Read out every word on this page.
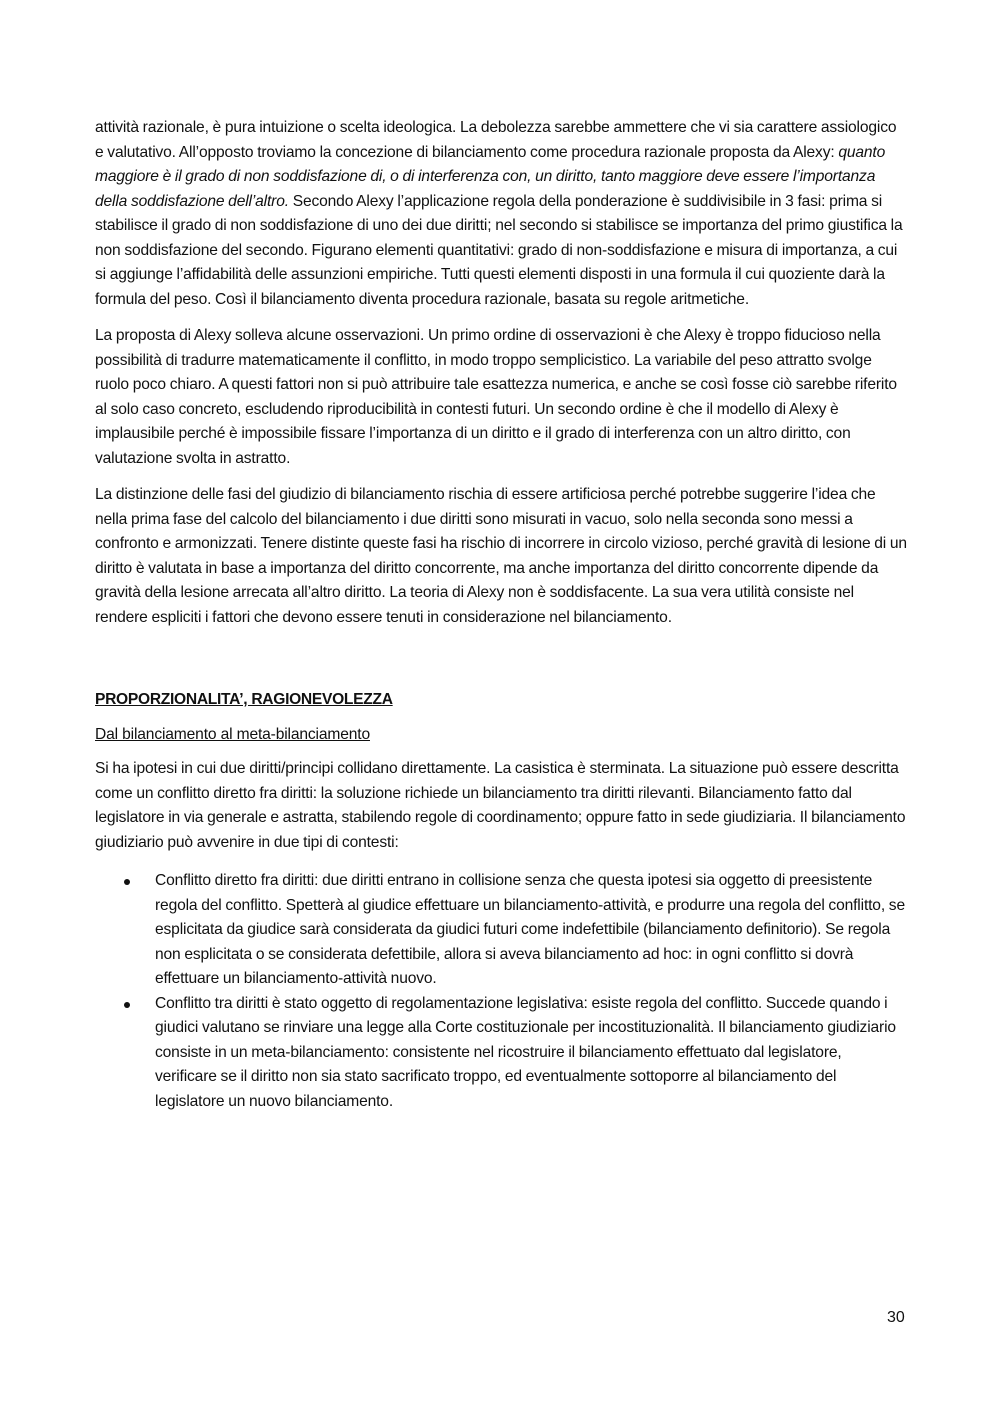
attività razionale, è pura intuizione o scelta ideologica. La debolezza sarebbe ammettere che vi sia carattere assiologico e valutativo. All’opposto troviamo la concezione di bilanciamento come procedura razionale proposta da Alexy: quanto maggiore è il grado di non soddisfazione di, o di interferenza con, un diritto, tanto maggiore deve essere l’importanza della soddisfazione dell’altro. Secondo Alexy l’applicazione regola della ponderazione è suddivisibile in 3 fasi: prima si stabilisce il grado di non soddisfazione di uno dei due diritti; nel secondo si stabilisce se importanza del primo giustifica la non soddisfazione del secondo. Figurano elementi quantitativi: grado di non-soddisfazione e misura di importanza, a cui si aggiunge l’affidabilità delle assunzioni empiriche. Tutti questi elementi disposti in una formula il cui quoziente darà la formula del peso. Così il bilanciamento diventa procedura razionale, basata su regole aritmetiche.

La proposta di Alexy solleva alcune osservazioni. Un primo ordine di osservazioni è che Alexy è troppo fiducioso nella possibilità di tradurre matematicamente il conflitto, in modo troppo semplicistico. La variabile del peso attratto svolge ruolo poco chiaro. A questi fattori non si può attribuire tale esattezza numerica, e anche se così fosse ciò sarebbe riferito al solo caso concreto, escludendo riproducibilità in contesti futuri. Un secondo ordine è che il modello di Alexy è implausibile perché è impossibile fissare l’importanza di un diritto e il grado di interferenza con un altro diritto, con valutazione svolta in astratto.

La distinzione delle fasi del giudizio di bilanciamento rischia di essere artificiosa perché potrebbe suggerire l’idea che nella prima fase del calcolo del bilanciamento i due diritti sono misurati in vacuo, solo nella seconda sono messi a confronto e armonizzati. Tenere distinte queste fasi ha rischio di incorrere in circolo vizioso, perché gravità di lesione di un diritto è valutata in base a importanza del diritto concorrente, ma anche importanza del diritto concorrente dipende da gravità della lesione arrecata all’altro diritto. La teoria di Alexy non è soddisfacente. La sua vera utilità consiste nel rendere espliciti i fattori che devono essere tenuti in considerazione nel bilanciamento.

PROPORZIONALITA’, RAGIONEVOLEZZA
Dal bilanciamento al meta-bilanciamento

Si ha ipotesi in cui due diritti/principi collidano direttamente. La casistica è sterminata. La situazione può essere descritta come un conflitto diretto fra diritti: la soluzione richiede un bilanciamento tra diritti rilevanti. Bilanciamento fatto dal legislatore in via generale e astratta, stabilendo regole di coordinamento; oppure fatto in sede giudiziaria. Il bilanciamento giudiziario può avvenire in due tipi di contesti:

Conflitto diretto fra diritti: due diritti entrano in collisione senza che questa ipotesi sia oggetto di preesistente regola del conflitto. Spetterà al giudice effettuare un bilanciamento-attività, e produrre una regola del conflitto, se esplicitata da giudice sarà considerata da giudici futuri come indefettibile (bilanciamento definitorio). Se regola non esplicitata o se considerata defettibile, allora si aveva bilanciamento ad hoc: in ogni conflitto si dovrà effettuare un bilanciamento-attività nuovo.
Conflitto tra diritti è stato oggetto di regolamentazione legislativa: esiste regola del conflitto. Succede quando i giudici valutano se rinviare una legge alla Corte costituzionale per incostituzionalità. Il bilanciamento giudiziario consiste in un meta-bilanciamento: consistente nel ricostruire il bilanciamento effettuato dal legislatore, verificare se il diritto non sia stato sacrificato troppo, ed eventualmente sottoporre al bilanciamento del legislatore un nuovo bilanciamento.
30
